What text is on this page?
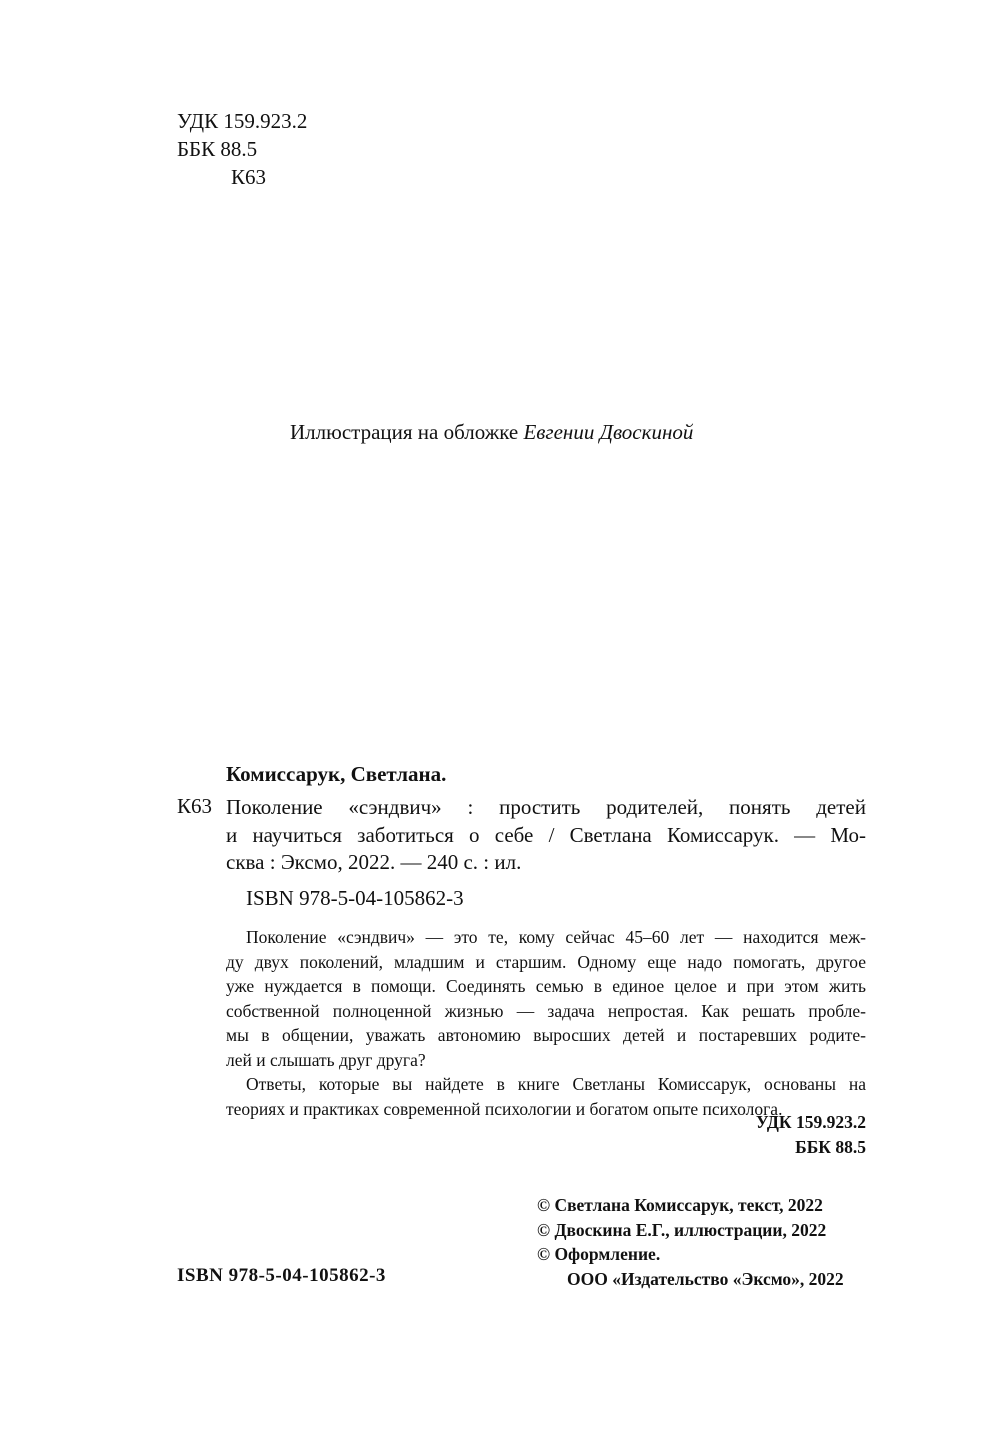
УДК 159.923.2
ББК 88.5
К63
Иллюстрация на обложке Евгении Двоскиной
Комиссарук, Светлана.
К63 Поколение «сэндвич» : простить родителей, понять детей
и научиться заботиться о себе / Светлана Комиссарук. — Мо-
сква : Эксмо, 2022. — 240 с. : ил.
ISBN 978-5-04-105862-3
Поколение «сэндвич» — это те, кому сейчас 45–60 лет — находится меж-
ду двух поколений, младшим и старшим. Одному еще надо помогать, другое
уже нуждается в помощи. Соединять семью в единое целое и при этом жить
собственной полноценной жизнью — задача непростая. Как решать пробле-
мы в общении, уважать автономию выросших детей и постаревших родите-
лей и слышать друг друга?
Ответы, которые вы найдете в книге Светланы Комиссарук, основаны на
теориях и практиках современной психологии и богатом опыте психолога.
УДК 159.923.2
ББК 88.5
© Светлана Комиссарук, текст, 2022
© Двоскина Е.Г., иллюстрации, 2022
© Оформление.
ООО «Издательство «Эксмо», 2022
ISBN 978-5-04-105862-3
